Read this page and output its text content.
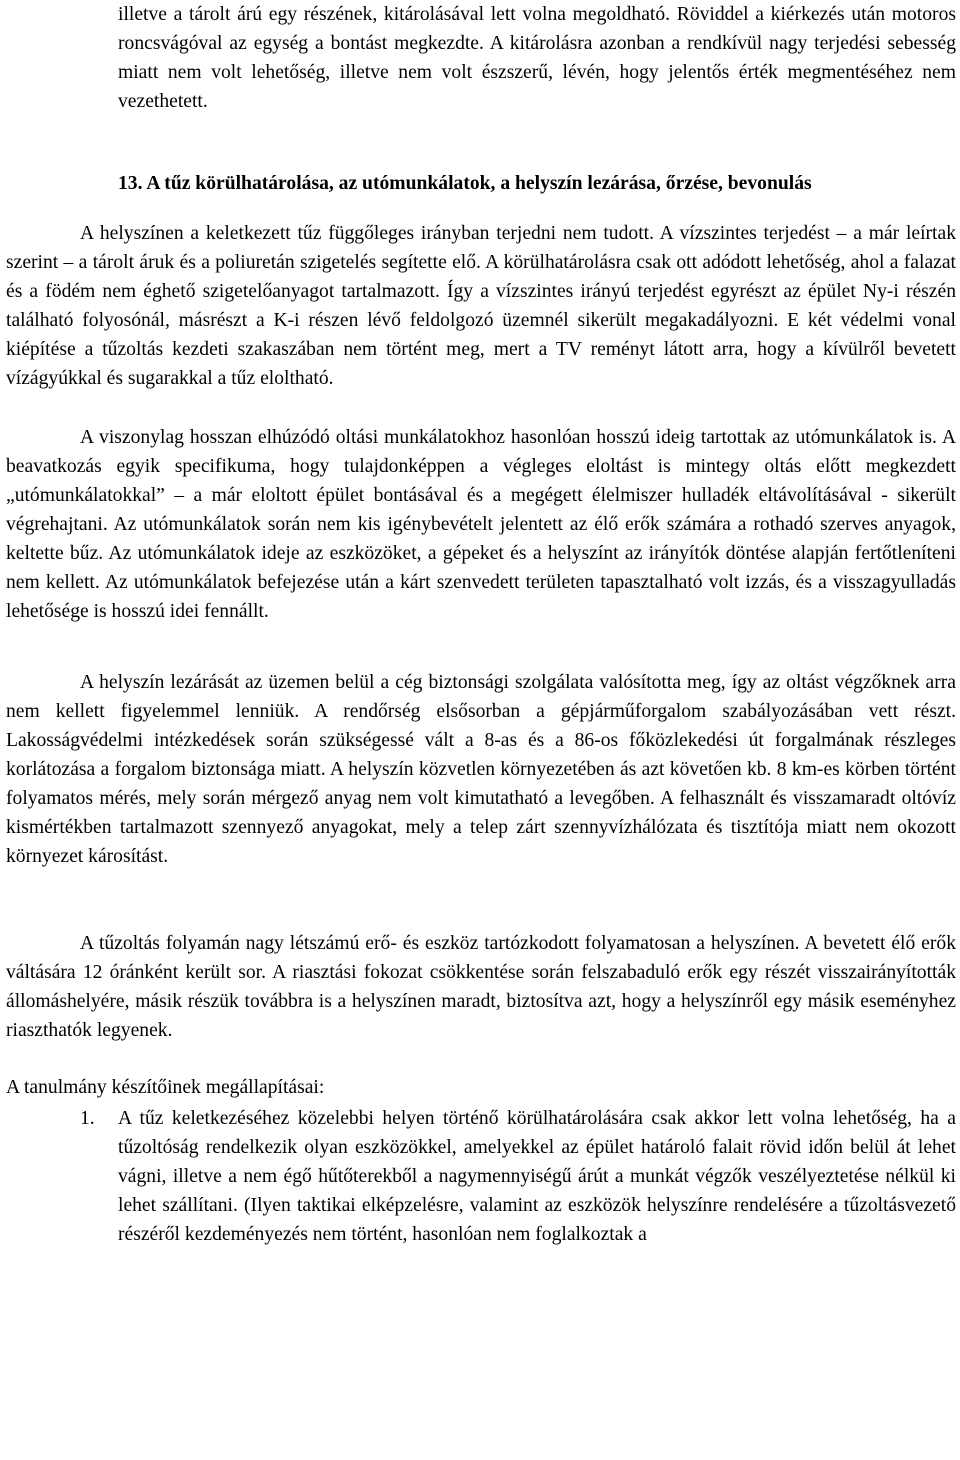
illetve a tárolt árú egy részének, kitárolásával lett volna megoldható. Röviddel a kiérkezés után motoros roncsvágóval az egység a bontást megkezdte. A kitárolásra azonban a rendkívül nagy terjedési sebesség miatt nem volt lehetőség, illetve nem volt észszerű, lévén, hogy jelentős érték megmentéséhez nem vezethetett.

13. A tűz körülhatárolása, az utómunkálatok, a helyszín lezárása, őrzése, bevonulás

A helyszínen a keletkezett tűz függőleges irányban terjedni nem tudott. A vízszintes terjedést – a már leírtak szerint – a tárolt áruk és a poliuretán szigetelés segítette elő. A körülhatárolásra csak ott adódott lehetőség, ahol a falazat és a födém nem éghető szigetelőanyagot tartalmazott. Így a vízszintes irányú terjedést egyrészt az épület Ny-i részén található folyosónál, másrészt a K-i részen lévő feldolgozó üzemnél sikerült megakadályozni. E két védelmi vonal kiépítése a tűzoltás kezdeti szakaszában nem történt meg, mert a TV reményt látott arra, hogy a kívülről bevetett vízágyúkkal és sugarakkal a tűz eloltható.

A viszonylag hosszan elhúzódó oltási munkálatokhoz hasonlóan hosszú ideig tartottak az utómunkálatok is. A beavatkozás egyik specifikuma, hogy tulajdonképpen a végleges eloltást is mintegy oltás előtt megkezdett „utómunkálatokkal” – a már eloltott épület bontásával és a megégett élelmiszer hulladék eltávolításával - sikerült végrehajtani. Az utómunkálatok során nem kis igénybevételt jelentett az élő erők számára a rothadó szerves anyagok, keltette bűz. Az utómunkálatok ideje az eszközöket, a gépeket és a helyszínt az irányítók döntése alapján fertőtleníteni nem kellett. Az utómunkálatok befejezése után a kárt szenvedett területen tapasztalható volt izzás, és a visszagyulladás lehetősége is hosszú idei fennállt.

A helyszín lezárását az üzemen belül a cég biztonsági szolgálata valósította meg, így az oltást végzőknek arra nem kellett figyelemmel lenniük. A rendőrség elsősorban a gépjárműforgalom szabályozásában vett részt. Lakosságvédelmi intézkedések során szükségessé vált a 8-as és a 86-os főközlekedési út forgalmának részleges korlátozása a forgalom biztonsága miatt. A helyszín közvetlen környezetében ás azt követően kb. 8 km-es körben történt folyamatos mérés, mely során mérgező anyag nem volt kimutatható a levegőben. A felhasznált és visszamaradt oltóvíz kismértékben tartalmazott szennyező anyagokat, mely a telep zárt szennyvízhálózata és tisztítója miatt nem okozott környezet károsítást.

A tűzoltás folyamán nagy létszámú erő- és eszköz tartózkodott folyamatosan a helyszínen. A bevetett élő erők váltására 12 óránként került sor. A riasztási fokozat csökkentése során felszabaduló erők egy részét visszairányították állomáshelyére, másik részük továbbra is a helyszínen maradt, biztosítva azt, hogy a helyszínről egy másik eseményhez riaszthatók legyenek.

A tanulmány készítőinek megállapításai:

1.	A tűz keletkezéséhez közelebbi helyen történő körülhatárolására csak akkor lett volna lehetőség, ha a tűzoltóság rendelkezik olyan eszközökkel, amelyekkel az épület határoló falait rövid időn belül át lehet vágni, illetve a nem égő hűtőterekből a nagymennyiségű árút a munkát végzők veszélyeztetése nélkül ki lehet szállítani. (Ilyen taktikai elképzelésre, valamint az eszközök helyszínre rendelésére a tűzoltásvezető részéről kezdeményezés nem történt, hasonlóan nem foglalkoztak a
